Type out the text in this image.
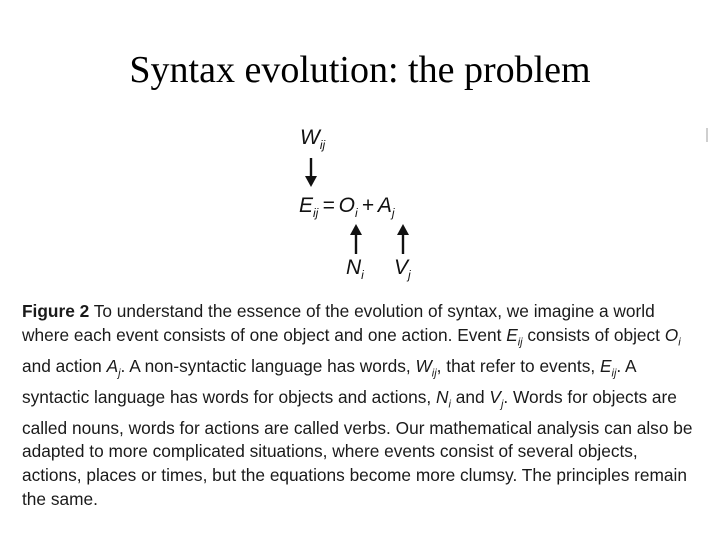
Syntax evolution: the problem
$W_{ij}$
$E_{ij} = O_i + A_j$
$N_i$ $V_j$
Figure 2 To understand the essence of the evolution of syntax, we imagine a world where each event consists of one object and one action. Event $E_{ij}$ consists of object $O_i$ and action $A_j$. A non-syntactic language has words, $W_{ij}$, that refer to events, $E_{ij}$. A syntactic language has words for objects and actions, $N_i$ and $V_j$. Words for objects are called nouns, words for actions are called verbs. Our mathematical analysis can also be adapted to more complicated situations, where events consist of several objects, actions, places or times, but the equations become more clumsy. The principles remain the same.
